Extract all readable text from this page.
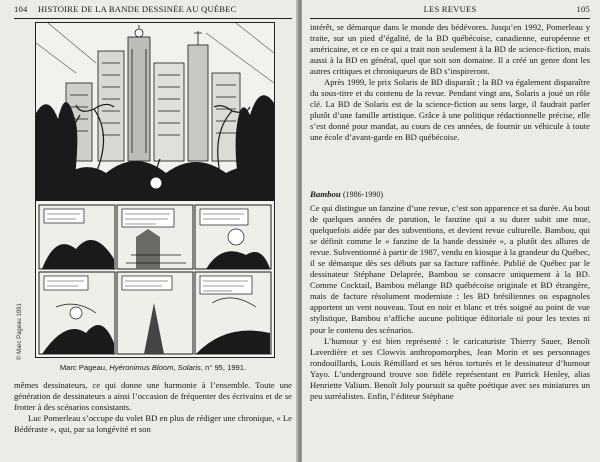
104 HISTOIRE DE LA BANDE DESSINÉE AU QUÉBEC
© Marc Pageau 1991
Marc Pageau, Hyéronimus Bloom, Solaris, n° 95, 1991.

mêmes dessinateurs, ce qui donne une harmonie à l’ensemble. Toute une génération de dessinateurs a ainsi l’occasion de fréquenter des écrivains et de se frotter à des scénarios consistants.

Luc Pomerleau s’occupe du volet BD en plus de rédiger une chronique, « Le Bédéraste », qui, par sa longévité et son

LES REVUES	105

intérêt, se démarque dans le monde des bédévores. Jusqu’en 1992, Pomerleau y traite, sur un pied d’égalité, de la BD québécoise, canadienne, européenne et américaine, et ce en ce qui a trait non seulement à la BD de science-fiction, mais aussi à la BD en général, quel que soit son domaine. Il a créé un genre dont les autres critiques et chroniqueurs de BD s’inspireront.

Après 1999, le prix Solaris de BD disparaît ; la BD va également disparaître du sous-titre et du contenu de la revue. Pendant vingt ans, Solaris a joué un rôle clé. La BD de Solaris est de la science-fiction au sens large, il faudrait parler plutôt d’une famille artistique. Grâce à une politique rédactionnelle précise, elle s’est donné pour mandat, au cours de ces années, de fournir un véhicule à toute une école d’avant-garde en BD québécoise.

Bambou (1986-1990)

Ce qui distingue un fanzine d’une revue, c’est son apparence et sa durée. Au bout de quelques années de parution, le fanzine qui a su durer subit une mue, quelquefois aidée par des subventions, et devient revue culturelle. Bambou, qui se définit comme le « fanzine de la bande dessinée », a plutôt des allures de revue. Subventionné à partir de 1987, vendu en kiosque à la grandeur du Québec, il se démarque dès ses débuts par sa facture raffinée. Publié de Québec par le dessinateur Stéphane Delaprée, Bambou se consacre uniquement à la BD. Comme Cocktail, Bambou mélange BD québécoise originale et BD étrangère, mais de facture résolument moderniste : les BD brésiliennes ou espagnoles apportent un vent nouveau. Tout en noir et blanc et très soigné au point de vue stylistique, Bambou n’affiche aucune politique éditoriale ni pour les textes ni pour le contenu des scénarios.

L’humour y est bien représenté : le caricaturiste Thierry Sauer, Benoît Laverdière et ses Clowvis anthropomorphes, Jean Morin et ses personnages rondouillards, Louis Rémillard et ses héros torturés et le dessinateur d’humour Yayo. L’underground trouve son fidèle représentant en Patrick Henley, alias Henriette Valium. Benoît Joly poursuit sa quête poétique avec ses miniatures un peu surréalistes. Enfin, l’éditeur Stéphane
